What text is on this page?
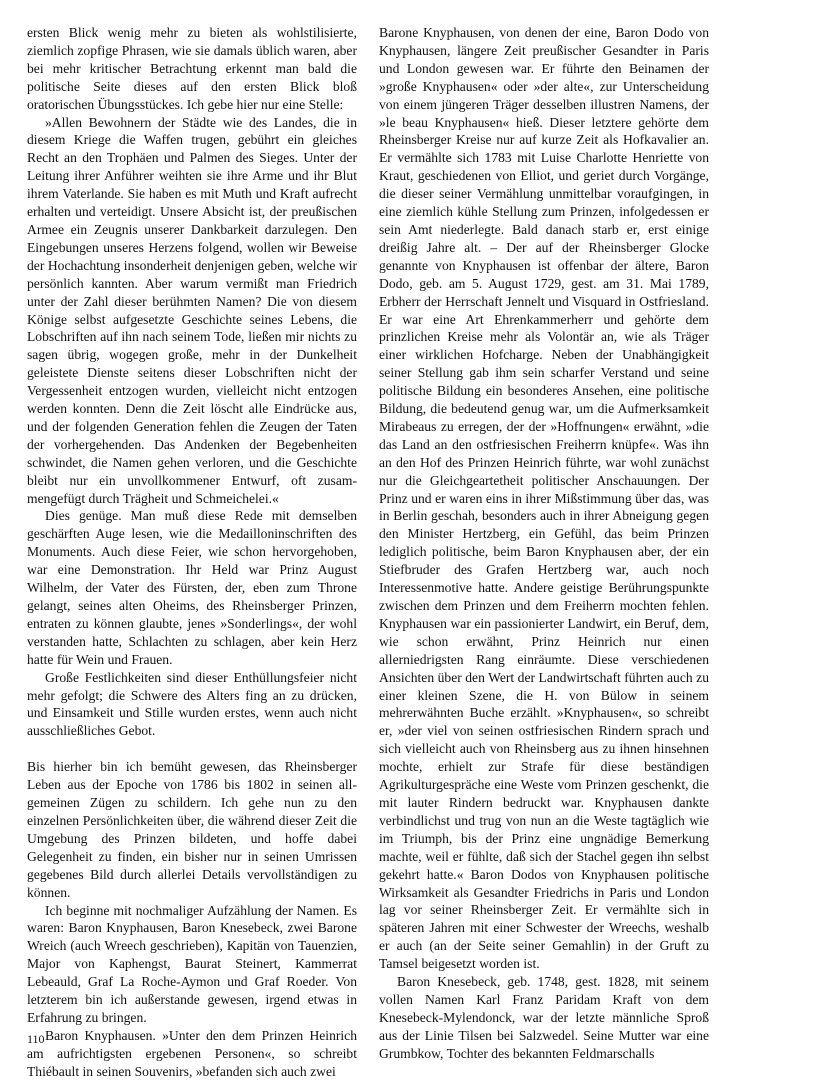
ersten Blick wenig mehr zu bieten als wohlstilisierte, ziemlich zopfige Phrasen, wie sie damals üblich waren, aber bei mehr kritischer Betrachtung erkennt man bald die politische Seite dieses auf den ersten Blick bloß oratorischen Übungsstückes. Ich gebe hier nur eine Stelle:

»Allen Bewohnern der Städte wie des Landes, die in diesem Kriege die Waffen trugen, gebührt ein gleiches Recht an den Trophäen und Palmen des Sieges. Unter der Leitung ihrer Anführer weihten sie ihre Arme und ihr Blut ihrem Vaterlande. Sie haben es mit Muth und Kraft aufrecht erhalten und verteidigt. Unsere Absicht ist, der preußischen Armee ein Zeugnis unserer Dankbarkeit darzulegen. Den Eingebungen unseres Herzens folgend, wollen wir Beweise der Hochachtung insonderheit denjenigen geben, welche wir persönlich kannten. Aber warum vermißt man Friedrich unter der Zahl dieser berühmten Namen? Die von diesem Könige selbst aufgesetzte Geschichte seines Lebens, die Lobschriften auf ihn nach seinem Tode, ließen mir nichts zu sagen übrig, wogegen große, mehr in der Dunkelheit geleistete Dienste seitens dieser Lobschriften nicht der Vergessenheit entzogen wurden, vielleicht nicht entzogen werden konnten. Denn die Zeit löscht alle Eindrücke aus, und der folgenden Generation fehlen die Zeugen der Taten der vorhergehenden. Das Andenken der Begebenheiten schwindet, die Namen gehen verloren, und die Geschichte bleibt nur ein unvollkommener Entwurf, oft zusammengefügt durch Trägheit und Schmeichelei.«

Dies genüge. Man muß diese Rede mit demselben geschärften Auge lesen, wie die Medailloninschriften des Monuments. Auch diese Feier, wie schon hervorgehoben, war eine Demonstration. Ihr Held war Prinz August Wilhelm, der Vater des Fürsten, der, eben zum Throne gelangt, seines alten Oheims, des Rheinsberger Prinzen, entraten zu können glaubte, jenes »Sonderlings«, der wohl verstanden hatte, Schlachten zu schlagen, aber kein Herz hatte für Wein und Frauen.

Große Festlichkeiten sind dieser Enthüllungsfeier nicht mehr gefolgt; die Schwere des Alters fing an zu drücken, und Einsamkeit und Stille wurden erstes, wenn auch nicht ausschließliches Gebot.

Bis hierher bin ich bemüht gewesen, das Rheinsberger Leben aus der Epoche von 1786 bis 1802 in seinen allgemeinen Zügen zu schildern. Ich gehe nun zu den einzelnen Persönlichkeiten über, die während dieser Zeit die Umgebung des Prinzen bildeten, und hoffe dabei Gelegenheit zu finden, ein bisher nur in seinen Umrissen gegebenes Bild durch allerlei Details vervollständigen zu können.

Ich beginne mit nochmaliger Aufzählung der Namen. Es waren: Baron Knyphausen, Baron Knesebeck, zwei Barone Wreich (auch Wreech geschrieben), Kapitän von Tauenzien, Major von Kaphengst, Baurat Steinert, Kammerrat Lebeauld, Graf La Roche-Aymon und Graf Roeder. Von letzterem bin ich außerstande gewesen, irgend etwas in Erfahrung zu bringen.

Baron Knyphausen. »Unter den dem Prinzen Heinrich am aufrichtigsten ergebenen Personen«, so schreibt Thiébault in seinen Souvenirs, »befanden sich auch zwei

Barone Knyphausen, von denen der eine, Baron Dodo von Knyphausen, längere Zeit preußischer Gesandter in Paris und London gewesen war. Er führte den Beinamen der »große Knyphausen« oder »der alte«, zur Unterscheidung von einem jüngeren Träger desselben illustren Namens, der »le beau Knyphausen« hieß. Dieser letztere gehörte dem Rheinsberger Kreise nur auf kurze Zeit als Hofkavalier an. Er vermählte sich 1783 mit Luise Charlotte Henriette von Kraut, geschiedenen von Elliot, und geriet durch Vorgänge, die dieser seiner Vermählung unmittelbar voraufgingen, in eine ziemlich kühle Stellung zum Prinzen, infolgedessen er sein Amt niederlegte. Bald danach starb er, erst einige dreißig Jahre alt. – Der auf der Rheinsberger Glocke genannte von Knyphausen ist offenbar der ältere, Baron Dodo, geb. am 5. August 1729, gest. am 31. Mai 1789, Erbherr der Herrschaft Jennelt und Visquard in Ostfriesland. Er war eine Art Ehrenkammerherr und gehörte dem prinzlichen Kreise mehr als Volontär an, wie als Träger einer wirklichen Hofcharge. Neben der Unabhängigkeit seiner Stellung gab ihm sein scharfer Verstand und seine politische Bildung ein besonderes Ansehen, eine politische Bildung, die bedeutend genug war, um die Aufmerksamkeit Mirabeaus zu erregen, der der »Hoffnungen« erwähnt, »die das Land an den ostfriesischen Freiherrn knüpfe«. Was ihn an den Hof des Prinzen Heinrich führte, war wohl zunächst nur die Gleichgeartetheit politischer Anschauungen. Der Prinz und er waren eins in ihrer Mißstimmung über das, was in Berlin geschah, besonders auch in ihrer Abneigung gegen den Minister Hertzberg, ein Gefühl, das beim Prinzen lediglich politische, beim Baron Knyphausen aber, der ein Stiefbruder des Grafen Hertzberg war, auch noch Interessenmotive hatte. Andere geistige Berührungspunkte zwischen dem Prinzen und dem Freiherrn mochten fehlen. Knyphausen war ein passionierter Landwirt, ein Beruf, dem, wie schon erwähnt, Prinz Heinrich nur einen allerniedrigsten Rang einräumte. Diese verschiedenen Ansichten über den Wert der Landwirtschaft führten auch zu einer kleinen Szene, die H. von Bülow in seinem mehrerwähnten Buche erzählt. »Knyphausen«, so schreibt er, »der viel von seinen ostfriesischen Rindern sprach und sich vielleicht auch von Rheinsberg aus zu ihnen hinsehnen mochte, erhielt zur Strafe für diese beständigen Agrikulturgespräche eine Weste vom Prinzen geschenkt, die mit lauter Rindern bedruckt war. Knyphausen dankte verbindlichst und trug von nun an die Weste tagtäglich wie im Triumph, bis der Prinz eine ungnädige Bemerkung machte, weil er fühlte, daß sich der Stachel gegen ihn selbst gekehrt hatte.« Baron Dodos von Knyphausen politische Wirksamkeit als Gesandter Friedrichs in Paris und London lag vor seiner Rheinsberger Zeit. Er vermählte sich in späteren Jahren mit einer Schwester der Wreechs, weshalb er auch (an der Seite seiner Gemahlin) in der Gruft zu Tamsel beigesetzt worden ist.

Baron Knesebeck, geb. 1748, gest. 1828, mit seinem vollen Namen Karl Franz Paridam Kraft von dem Knesebeck-Mylendonck, war der letzte männliche Sproß aus der Linie Tilsen bei Salzwedel. Seine Mutter war eine Grumbkow, Tochter des bekannten Feldmarschalls

110
